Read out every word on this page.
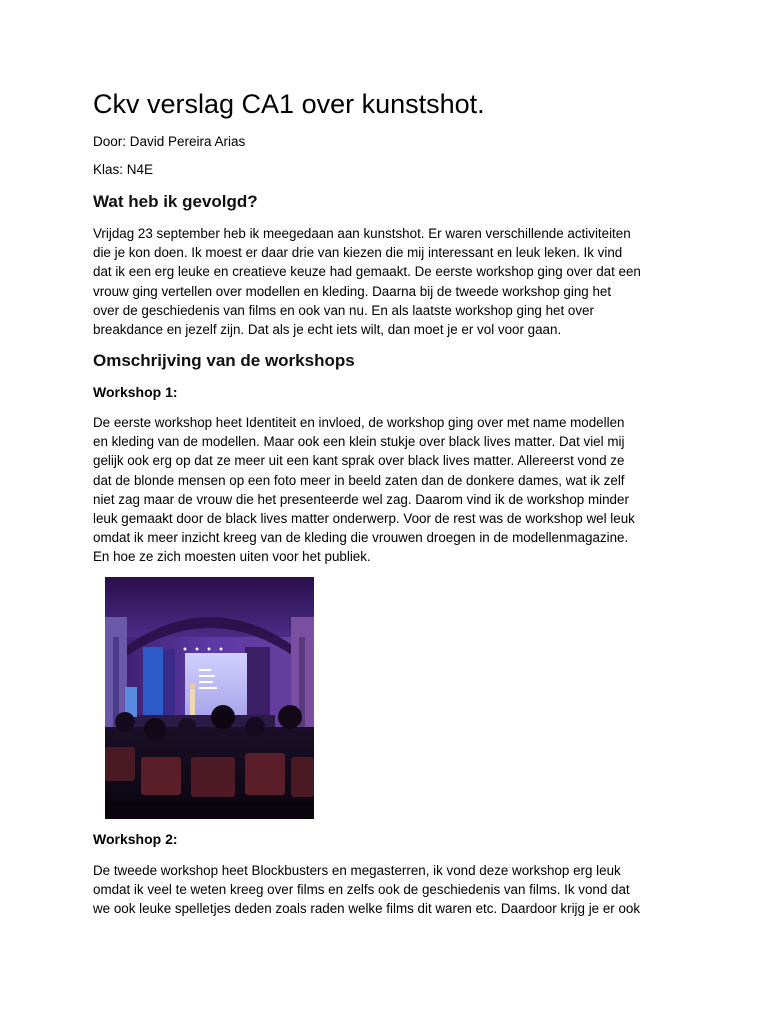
Ckv verslag CA1 over kunstshot.
Door: David Pereira Arias
Klas: N4E
Wat heb ik gevolgd?
Vrijdag 23 september heb ik meegedaan aan kunstshot. Er waren verschillende activiteiten
die je kon doen. Ik moest er daar drie van kiezen die mij interessant en leuk leken. Ik vind
dat ik een erg leuke en creatieve keuze had gemaakt. De eerste workshop ging over dat een
vrouw ging vertellen over modellen en kleding. Daarna bij de tweede workshop ging het
over de geschiedenis van films en ook van nu. En als laatste workshop ging het over
breakdance en jezelf zijn. Dat als je echt iets wilt, dan moet je er vol voor gaan.
Omschrijving van de workshops
Workshop 1:
De eerste workshop heet Identiteit en invloed, de workshop ging over met name modellen
en kleding van de modellen. Maar ook een klein stukje over black lives matter. Dat viel mij
gelijk ook erg op dat ze meer uit een kant sprak over black lives matter. Allereerst vond ze
dat de blonde mensen op een foto meer in beeld zaten dan de donkere dames, wat ik zelf
niet zag maar de vrouw die het presenteerde wel zag. Daarom vind ik de workshop minder
leuk gemaakt door de black lives matter onderwerp. Voor de rest was de workshop wel leuk
omdat ik meer inzicht kreeg van de kleding die vrouwen droegen in de modellenmagazine.
En hoe ze zich moesten uiten voor het publiek.
Workshop 2:
De tweede workshop heet Blockbusters en megasterren, ik vond deze workshop erg leuk
omdat ik veel te weten kreeg over films en zelfs ook de geschiedenis van films. Ik vond dat
we ook leuke spelletjes deden zoals raden welke films dit waren etc. Daardoor krijg je er ook
